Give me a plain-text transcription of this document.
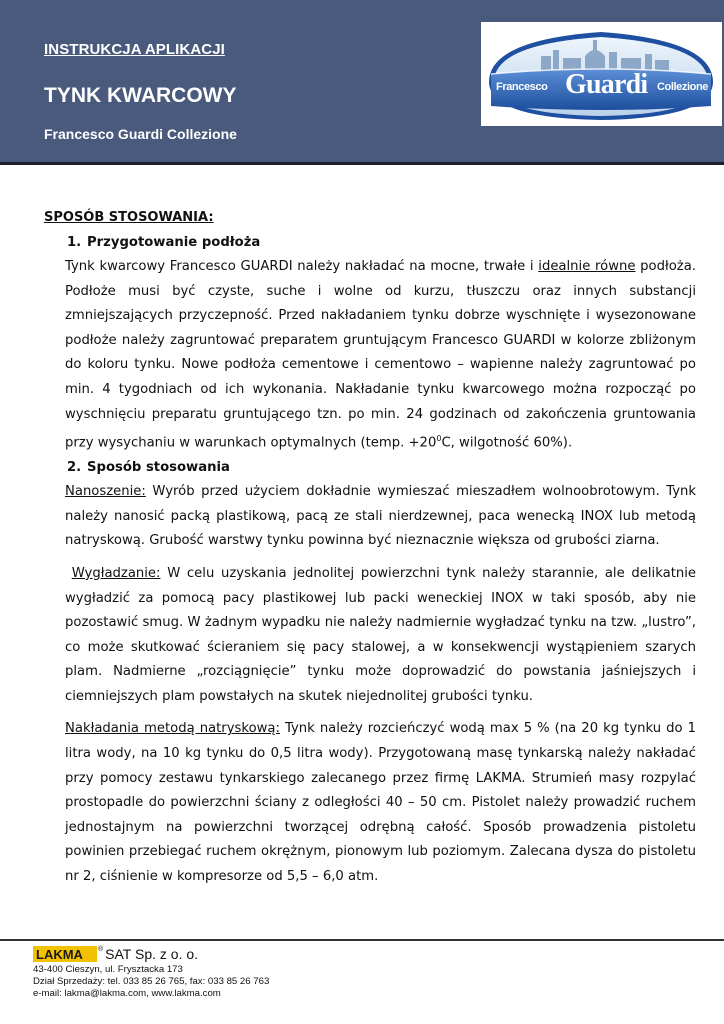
INSTRUKCJA APLIKACJI
TYNK KWARCOWY
Francesco Guardi Collezione
Francesco Guardi Collezione

SPOSÓB STOSOWANIA:

1. Przygotowanie podłoża

Tynk kwarcowy Francesco GUARDI należy nakładać na mocne, trwałe i idealnie równe podłoża. Podłoże musi być czyste, suche i wolne od kurzu, tłuszczu oraz innych substancji zmniejszających przyczepność. Przed nakładaniem tynku dobrze wyschnięte i wysezonowane podłoże należy zagruntować preparatem gruntującym Francesco GUARDI w kolorze zbliżonym do koloru tynku. Nowe podłoża cementowe i cementowo – wapienne należy zagruntować po min. 4 tygodniach od ich wykonania. Nakładanie tynku kwarcowego można rozpocząć po wyschnięciu preparatu gruntującego tzn. po min. 24 godzinach od zakończenia gruntowania przy wysychaniu w warunkach optymalnych (temp. $+20^0C$, wilgotność 60%).

2. Sposób stosowania

Nanoszenie: Wyrób przed użyciem dokładnie wymieszać mieszadłem wolnoobrotowym. Tynk należy nanosić packą plastikową, pacą ze stali nierdzewnej, paca wenecką INOX lub metodą natryskową. Grubość warstwy tynku powinna być nieznacznie większa od grubości ziarna.

Wygładzanie: W celu uzyskania jednolitej powierzchni tynk należy starannie, ale delikatnie wygładzić za pomocą pacy plastikowej lub packi weneckiej INOX w taki sposób, aby nie pozostawić smug. W żadnym wypadku nie należy nadmiernie wygładzać tynku na tzw. „lustro”, co może skutkować ścieraniem się pacy stalowej, a w konsekwencji wystąpieniem szarych plam. Nadmierne „rozciągnięcie” tynku może doprowadzić do powstania jaśniejszych i ciemniejszych plam powstałych na skutek niejednolitej grubości tynku.

Nakładania metodą natryskową: Tynk należy rozcieńczyć wodą max 5 % (na 20 kg tynku do 1 litra wody, na 10 kg tynku do 0,5 litra wody). Przygotowaną masę tynkarską należy nakładać przy pomocy zestawu tynkarskiego zalecanego przez firmę LAKMA. Strumień masy rozpylać prostopadle do powierzchni ściany z odległości 40 – 50 cm. Pistolet należy prowadzić ruchem jednostajnym na powierzchni tworzącej odrębną całość. Sposób prowadzenia pistoletu powinien przebiegać ruchem okrężnym, pionowym lub poziomym. Zalecana dysza do pistoletu nr 2, ciśnienie w kompresorze od 5,5 – 6,0 atm.

LAKMA ® SAT Sp. z o. o.
43-400 Cieszyn, ul. Frysztacka 173
Dział Sprzedaży: tel. 033 85 26 765, fax: 033 85 26 763
e-mail: lakma@lakma.com, www.lakma.com
